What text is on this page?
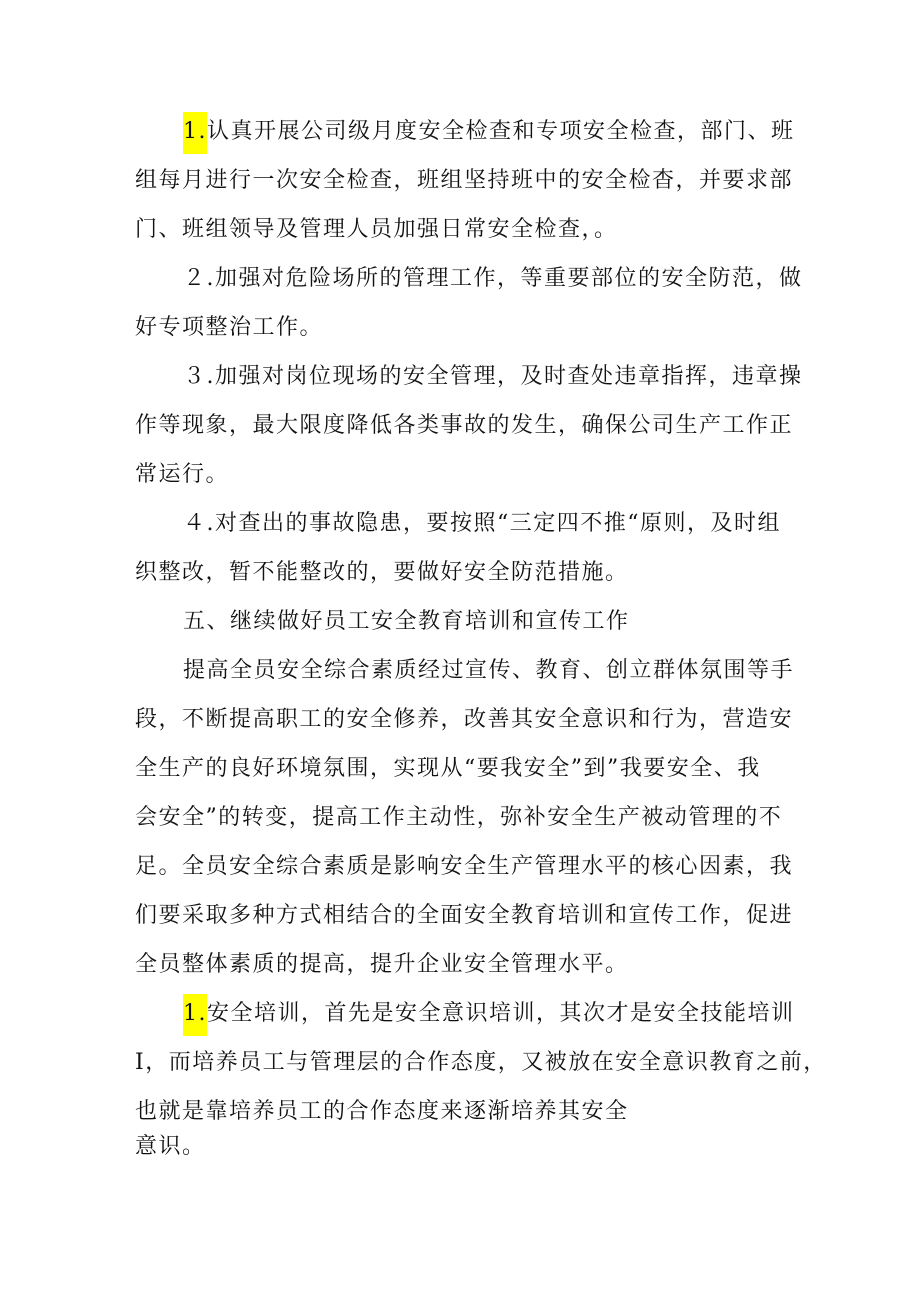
1.认真开展公司级月度安全检查和专项安全检查，部门、班
组每月进行一次安全检查，班组坚持班中的安全检杳，并要求部
门、班组领导及管理人员加强日常安全检查，。
２.加强对危险场所的管理工作，等重要部位的安全防范，做
好专项整治工作。
３.加强对岗位现场的安全管理，及时查处违章指挥，违章操
作等现象，最大限度降低各类事故的发生，确保公司生产工作正
常运行。
４.对查出的事故隐患，要按照“三定四不推“原则，及时组
织整改，暂不能整改的，要做好安全防范措施。
五、继续做好员工安全教育培训和宣传工作
提高全员安全综合素质经过宣传、教育、创立群体氛围等手
段，不断提高职工的安全修养，改善其安全意识和行为，营造安
全生产的良好环境氛围，实现从“要我安全”到”我要安全、我
会安全”的转变，提高工作主动性，弥补安全生产被动管理的不
足。全员安全综合素质是影响安全生产管理水平的核心因素，我
们要采取多种方式相结合的全面安全教育培训和宣传工作，促进
全员整体素质的提高，提升企业安全管理水平。
1.安全培训，首先是安全意识培训，其次才是安全技能培训
I，而培养员工与管理层的合作态度，又被放在安全意识教育之前，
也就是靠培养员工的合作态度来逐渐培养其安全
意识。
